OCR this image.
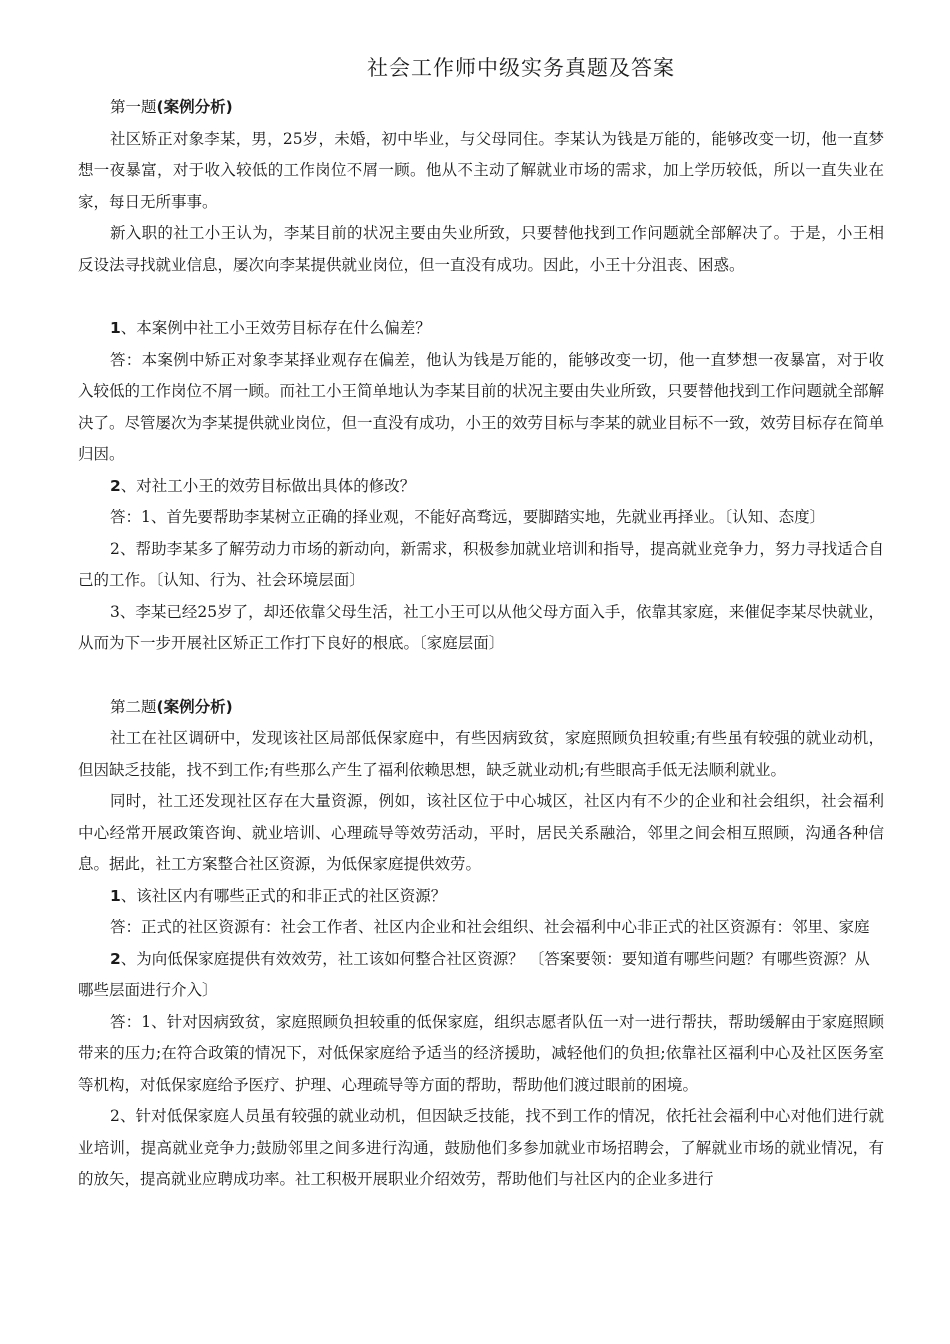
社会工作师中级实务真题及答案
第一题(案例分析)

社区矫正对象李某，男，25岁，未婚，初中毕业，与父母同住。李某认为钱是万能的，能够改变一切，他一直梦想一夜暴富，对于收入较低的工作岗位不屑一顾。他从不主动了解就业市场的需求，加上学历较低，所以一直失业在家，每日无所事事。

新入职的社工小王认为，李某目前的状况主要由失业所致，只要替他找到工作问题就全部解决了。于是，小王相反设法寻找就业信息，屡次向李某提供就业岗位，但一直没有成功。因此，小王十分沮丧、困惑。

1、本案例中社工小王效劳目标存在什么偏差？

答：本案例中矫正对象李某择业观存在偏差，他认为钱是万能的，能够改变一切，他一直梦想一夜暴富，对于收入较低的工作岗位不屑一顾。而社工小王简单地认为李某目前的状况主要由失业所致，只要替他找到工作问题就全部解决了。尽管屡次为李某提供就业岗位，但一直没有成功，小王的效劳目标与李某的就业目标不一致，效劳目标存在简单归因。

2、对社工小王的效劳目标做出具体的修改？

答：1、首先要帮助李某树立正确的择业观，不能好高骛远，要脚踏实地，先就业再择业。〔认知、态度〕

2、帮助李某多了解劳动力市场的新动向，新需求，积极参加就业培训和指导，提高就业竞争力，努力寻找适合自己的工作。〔认知、行为、社会环境层面〕

3、李某已经25岁了，却还依靠父母生活，社工小王可以从他父母方面入手，依靠其家庭，来催促李某尽快就业，从而为下一步开展社区矫正工作打下良好的根底。〔家庭层面〕

第二题(案例分析)

社工在社区调研中，发现该社区局部低保家庭中，有些因病致贫，家庭照顾负担较重;有些虽有较强的就业动机，但因缺乏技能，找不到工作;有些那么产生了福利依赖思想，缺乏就业动机;有些眼高手低无法顺利就业。

同时，社工还发现社区存在大量资源，例如，该社区位于中心城区，社区内有不少的企业和社会组织，社会福利中心经常开展政策咨询、就业培训、心理疏导等效劳活动，平时，居民关系融洽，邻里之间会相互照顾，沟通各种信息。据此，社工方案整合社区资源，为低保家庭提供效劳。

1、该社区内有哪些正式的和非正式的社区资源？

答：正式的社区资源有：社会工作者、社区内企业和社会组织、社会福利中心非正式的社区资源有：邻里、家庭

2、为向低保家庭提供有效效劳，社工该如何整合社区资源？ 〔答案要领：要知道有哪些问题？有哪些资源？从哪些层面进行介入〕

答：1、针对因病致贫，家庭照顾负担较重的低保家庭，组织志愿者队伍一对一进行帮扶，帮助缓解由于家庭照顾带来的压力;在符合政策的情况下，对低保家庭给予适当的经济援助，减轻他们的负担;依靠社区福利中心及社区医务室等机构，对低保家庭给予医疗、护理、心理疏导等方面的帮助，帮助他们渡过眼前的困境。

2、针对低保家庭人员虽有较强的就业动机，但因缺乏技能，找不到工作的情况，依托社会福利中心对他们进行就业培训，提高就业竞争力;鼓励邻里之间多进行沟通，鼓励他们多参加就业市场招聘会，了解就业市场的就业情况，有的放矢，提高就业应聘成功率。社工积极开展职业介绍效劳，帮助他们与社区内的企业多进行
